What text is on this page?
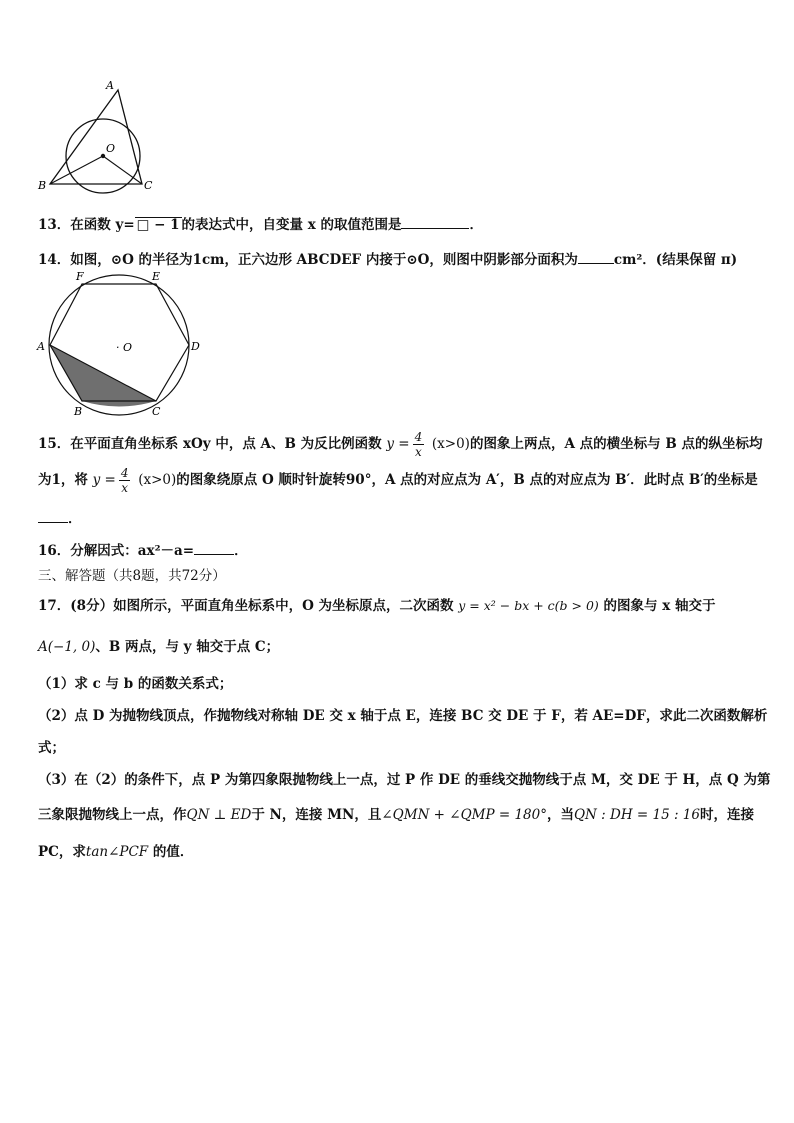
A
O
B	C
13．在函数 y= □ − 1 的表达式中，自变量 x 的取值范围是	．
14．如图，⊙O 的半径为1cm，正六边形 ABCDEF 内接于⊙O，则图中阴影部分面积为	cm²．(结果保留 π)
F	E
A	· O	D
B	C
15．在平面直角坐标系 xOy 中，点 A、B 为反比例函数 $y = \frac{4}{x} (x>0)$的图象上两点，A 点的横坐标与 B 点的纵坐标均
为1，将 $y = \frac{4}{x} (x>0)$的图象绕原点 O 顺时针旋转90°，A 点的对应点为 A′，B 点的对应点为 B′．此时点 B′的坐标是
．
16．分解因式：ax²－a=	．
三、解答题（共8题，共72分）
17．(8分）如图所示，平面直角坐标系中，O 为坐标原点，二次函数 y = x² − bx + c(b > 0) 的图象与 x 轴交于
A(−1, 0)、B 两点，与 y 轴交于点 C；
（1）求 c 与 b 的函数关系式；
（2）点 D 为抛物线顶点，作抛物线对称轴 DE 交 x 轴于点 E，连接 BC 交 DE 于 F，若 AE=DF，求此二次函数解析
式；
（3）在（2）的条件下，点 P 为第四象限抛物线上一点，过 P 作 DE 的垂线交抛物线于点 M，交 DE 于 H，点 Q 为第
三象限抛物线上一点，作QN ⊥ ED于 N，连接 MN，且∠QMN + ∠QMP = 180°，当QN : DH = 15 : 16时，连接
PC，求tan∠PCF 的值．
